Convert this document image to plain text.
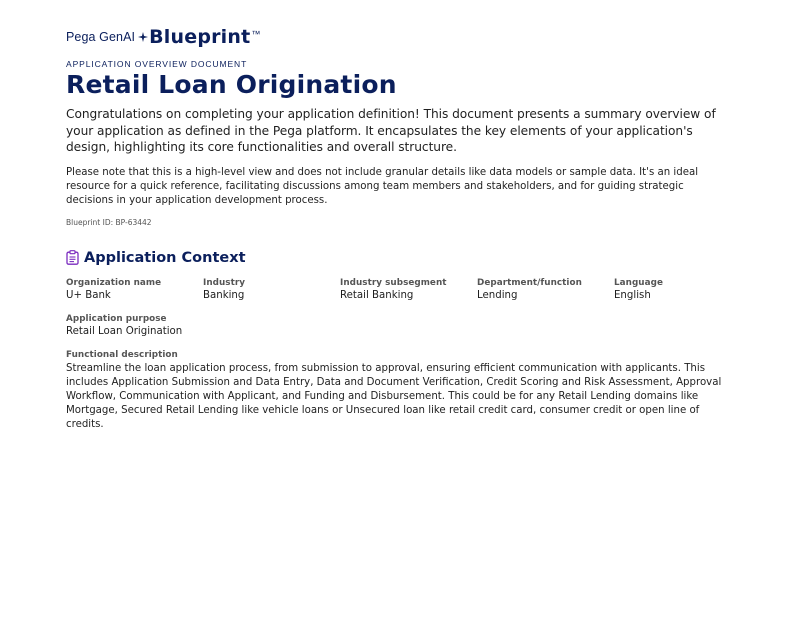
Pega GenAI Blueprint ™
APPLICATION OVERVIEW DOCUMENT
Retail Loan Origination

Congratulations on completing your application definition! This document presents a summary overview of your application as defined in the Pega platform. It encapsulates the key elements of your application's design, highlighting its core functionalities and overall structure.

Please note that this is a high-level view and does not include granular details like data models or sample data. It's an ideal resource for a quick reference, facilitating discussions among team members and stakeholders, and for guiding strategic decisions in your application development process.

Blueprint ID: BP-63442
Application Context
Organization name
U+ Bank
Industry
Banking
Industry subsegment
Retail Banking
Department/function
Lending
Language
English
Application purpose
Retail Loan Origination
Functional description
Streamline the loan application process, from submission to approval, ensuring efficient communication with applicants. This includes Application Submission and Data Entry, Data and Document Verification, Credit Scoring and Risk Assessment, Approval Workflow, Communication with Applicant, and Funding and Disbursement. This could be for any Retail Lending domains like Mortgage, Secured Retail Lending like vehicle loans or Unsecured loan like retail credit card, consumer credit or open line of credits.
